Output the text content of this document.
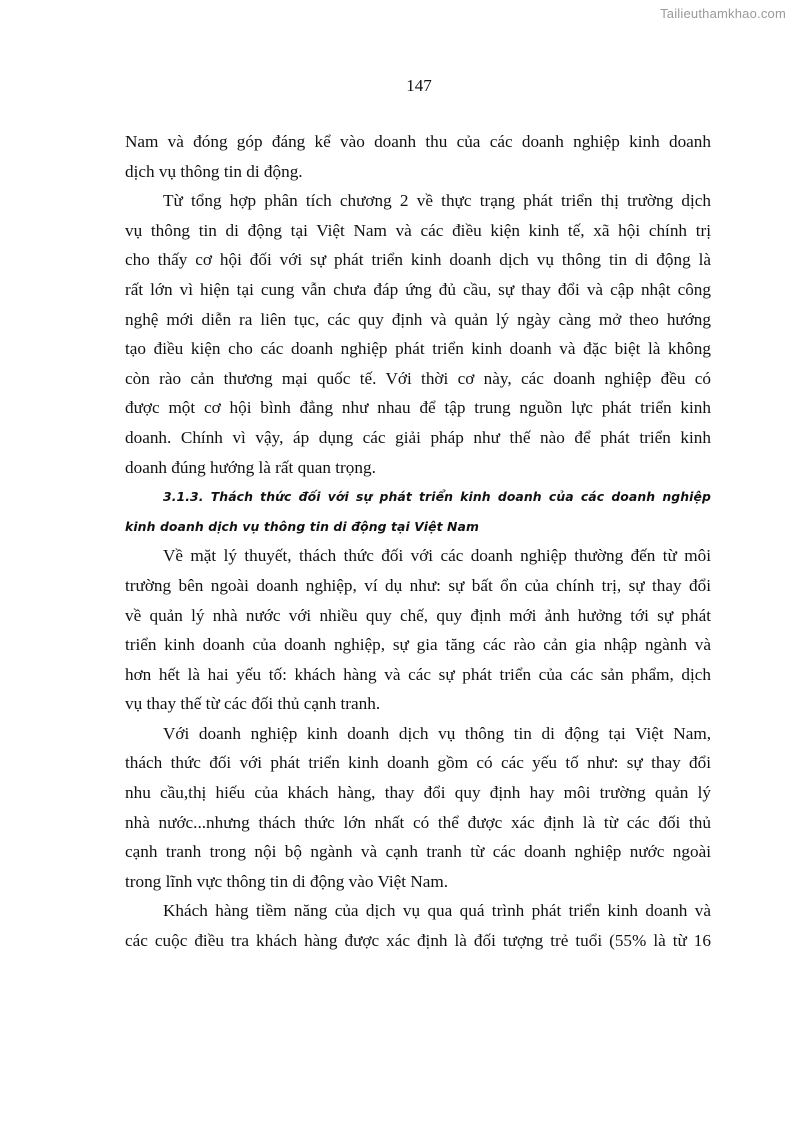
Tailieuthamkhao.com
147

Nam và đóng góp đáng kể vào doanh thu của các doanh nghiệp kinh doanh
dịch vụ thông tin di động.

Từ tổng hợp phân tích chương 2 về thực trạng phát triển thị trường dịch
vụ thông tin di động tại Việt Nam và các điều kiện kinh tế, xã hội chính trị
cho thấy cơ hội đối với sự phát triển kinh doanh dịch vụ thông tin di động là
rất lớn vì hiện tại cung vẫn chưa đáp ứng đủ cầu, sự thay đổi và cập nhật công
nghệ mới diễn ra liên tục, các quy định và quản lý ngày càng mở theo hướng
tạo điều kiện cho các doanh nghiệp phát triển kinh doanh và đặc biệt là không
còn rào cản thương mại quốc tế. Với thời cơ này, các doanh nghiệp đều có
được một cơ hội bình đẳng như nhau để tập trung nguồn lực phát triển kinh
doanh. Chính vì vậy, áp dụng các giải pháp như thế nào để phát triển kinh
doanh đúng hướng là rất quan trọng.

3.1.3. Thách thức đối với sự phát triển kinh doanh của các doanh nghiệp
kinh doanh dịch vụ thông tin di động tại Việt Nam

Về mặt lý thuyết, thách thức đối với các doanh nghiệp thường đến từ môi
trường bên ngoài doanh nghiệp, ví dụ như: sự bất ổn của chính trị, sự thay đổi
về quản lý nhà nước với nhiều quy chế, quy định mới ảnh hưởng tới sự phát
triển kinh doanh của doanh nghiệp, sự gia tăng các rào cản gia nhập ngành và
hơn hết là hai yếu tố: khách hàng và các sự phát triển của các sản phẩm, dịch
vụ thay thế từ các đối thủ cạnh tranh.

Với doanh nghiệp kinh doanh dịch vụ thông tin di động tại Việt Nam,
thách thức đối với phát triển kinh doanh gồm có các yếu tố như: sự thay đổi
nhu cầu,thị hiếu của khách hàng, thay đổi quy định hay môi trường quản lý
nhà nước...nhưng thách thức lớn nhất có thể được xác định là từ các đối thủ
cạnh tranh trong nội bộ ngành và cạnh tranh từ các doanh nghiệp nước ngoài
trong lĩnh vực thông tin di động vào Việt Nam.

Khách hàng tiềm năng của dịch vụ qua quá trình phát triển kinh doanh và
các cuộc điều tra khách hàng được xác định là đối tượng trẻ tuổi (55% là từ 16
